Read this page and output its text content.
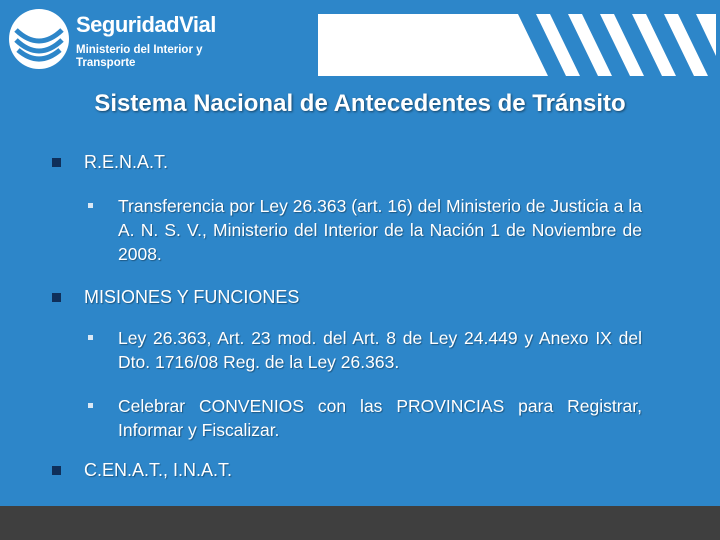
SeguridadVial
Ministerio del Interior y Transporte
Sistema Nacional de Antecedentes de Tránsito
R.E.N.A.T.
Transferencia por Ley 26.363 (art. 16) del Ministerio de Justicia a la A. N. S. V., Ministerio del Interior de la Nación 1 de Noviembre de 2008.
MISIONES Y FUNCIONES
Ley 26.363, Art. 23 mod. del Art. 8 de Ley 24.449 y Anexo IX del Dto. 1716/08 Reg. de la Ley 26.363.
Celebrar CONVENIOS con las PROVINCIAS para Registrar, Informar y Fiscalizar.
C.EN.A.T., I.N.A.T.
